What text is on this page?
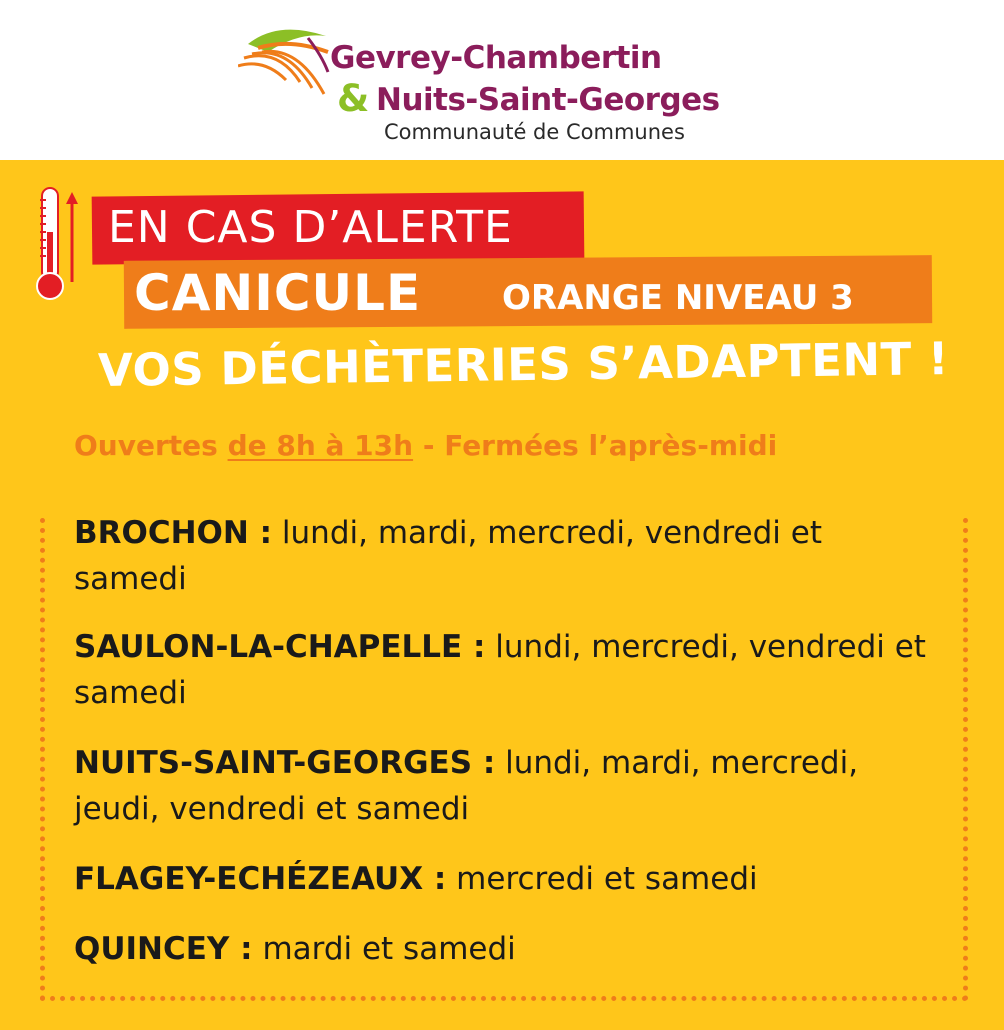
Gevrey-Chambertin
& Nuits-Saint-Georges
Communauté de Communes
EN CAS D’ALERTE
CANICULE ORANGE NIVEAU 3
VOS DÉCHÈTERIES S’ADAPTENT !
Ouvertes de 8h à 13h - Fermées l’après-midi
BROCHON : lundi, mardi, mercredi, vendredi et samedi
SAULON-LA-CHAPELLE : lundi, mercredi, vendredi et samedi
NUITS-SAINT-GEORGES : lundi, mardi, mercredi, jeudi, vendredi et samedi
FLAGEY-ECHÉZEAUX : mercredi et samedi
QUINCEY : mardi et samedi
